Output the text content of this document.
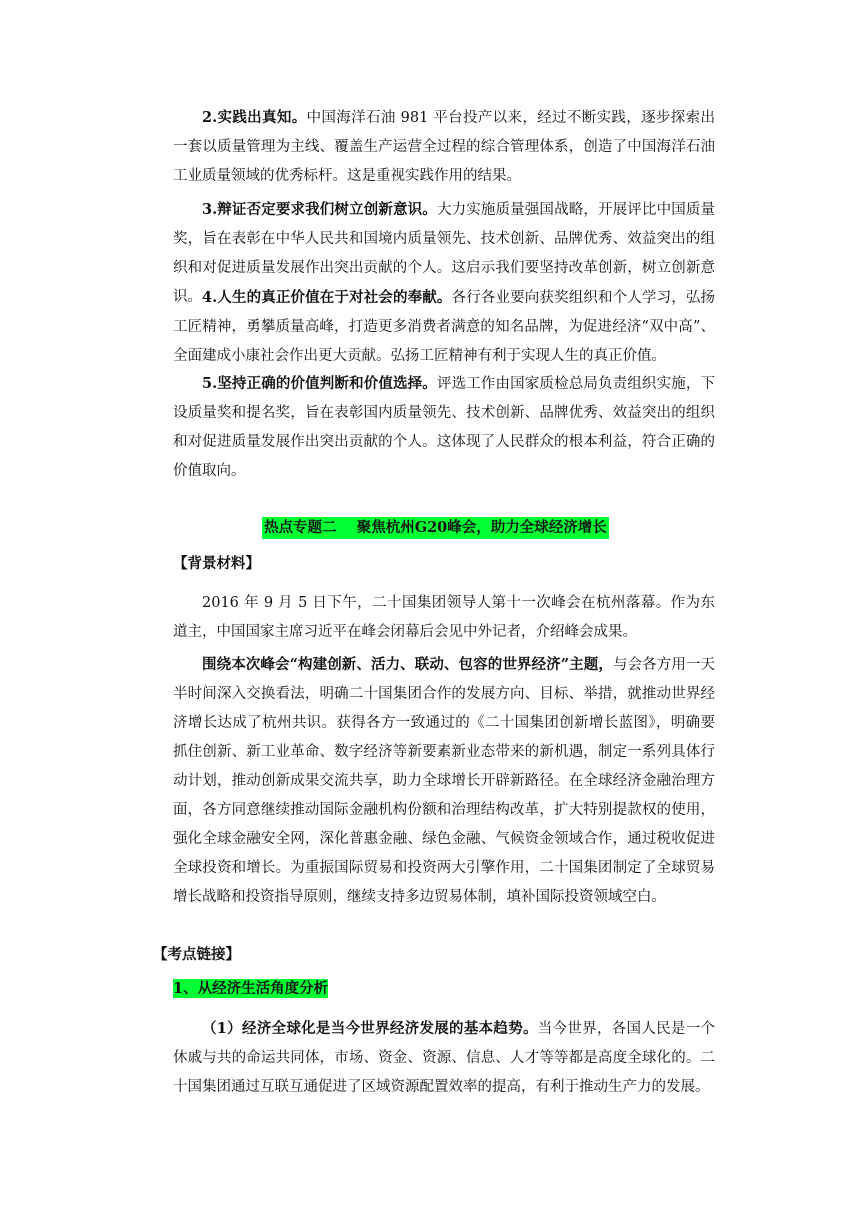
2.实践出真知。中国海洋石油 981 平台投产以来，经过不断实践，逐步探索出一套以质量管理为主线、覆盖生产运营全过程的综合管理体系，创造了中国海洋石油工业质量领域的优秀标杆。这是重视实践作用的结果。

3.辩证否定要求我们树立创新意识。大力实施质量强国战略，开展评比中国质量奖，旨在表彰在中华人民共和国境内质量领先、技术创新、品牌优秀、效益突出的组织和对促进质量发展作出突出贡献的个人。这启示我们要坚持改革创新，树立创新意识。 4.人生的真正价值在于对社会的奉献。各行各业要向获奖组织和个人学习，弘扬工匠精神，勇攀质量高峰，打造更多消费者满意的知名品牌，为促进经济“双中高”、全面建成小康社会作出更大贡献。弘扬工匠精神有利于实现人生的真正价值。

5.坚持正确的价值判断和价值选择。评选工作由国家质检总局负责组织实施，下设质量奖和提名奖，旨在表彰国内质量领先、技术创新、品牌优秀、效益突出的组织和对促进质量发展作出突出贡献的个人。这体现了人民群众的根本利益，符合正确的价值取向。

热点专题二    聚焦杭州G20峰会，助力全球经济增长
【背景材料】

2016 年 9 月 5 日下午，二十国集团领导人第十一次峰会在杭州落幕。作为东道主，中国国家主席习近平在峰会闭幕后会见中外记者，介绍峰会成果。

围绕本次峰会“构建创新、活力、联动、包容的世界经济”主题，与会各方用一天半时间深入交换看法，明确二十国集团合作的发展方向、目标、举措，就推动世界经济增长达成了杭州共识。获得各方一致通过的《二十国集团创新增长蓝图》，明确要抓住创新、新工业革命、数字经济等新要素新业态带来的新机遇，制定一系列具体行动计划，推动创新成果交流共享，助力全球增长开辟新路径。在全球经济金融治理方面，各方同意继续推动国际金融机构份额和治理结构改革，扩大特别提款权的使用，强化全球金融安全网，深化普惠金融、绿色金融、气候资金领域合作，通过税收促进全球投资和增长。为重振国际贸易和投资两大引擎作用，二十国集团制定了全球贸易增长战略和投资指导原则，继续支持多边贸易体制，填补国际投资领域空白。

【考点链接】
1、从经济生活角度分析

（1）经济全球化是当今世界经济发展的基本趋势。当今世界，各国人民是一个休戚与共的命运共同体，市场、资金、资源、信息、人才等等都是高度全球化的。二十国集团通过互联互通促进了区域资源配置效率的提高，有利于推动生产力的发展。
